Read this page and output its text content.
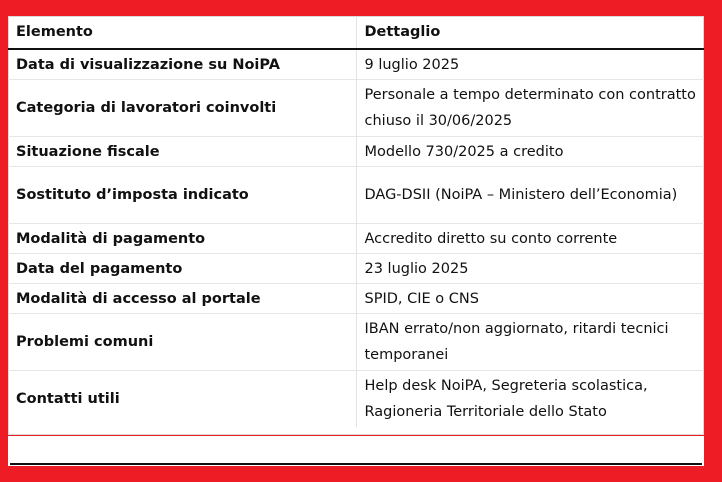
Elemento	Dettaglio
Data di visualizzazione su NoiPA	9 luglio 2025
Categoria di lavoratori coinvolti	Personale a tempo determinato con contratto chiuso il 30/06/2025
Situazione fiscale	Modello 730/2025 a credito
Sostituto d’imposta indicato	DAG-DSII (NoiPA – Ministero dell’Economia)
Modalità di pagamento	Accredito diretto su conto corrente
Data del pagamento	23 luglio 2025
Modalità di accesso al portale	SPID, CIE o CNS
Problemi comuni	IBAN errato/non aggiornato, ritardi tecnici temporanei
Contatti utili	Help desk NoiPA, Segreteria scolastica, Ragioneria Territoriale dello Stato
